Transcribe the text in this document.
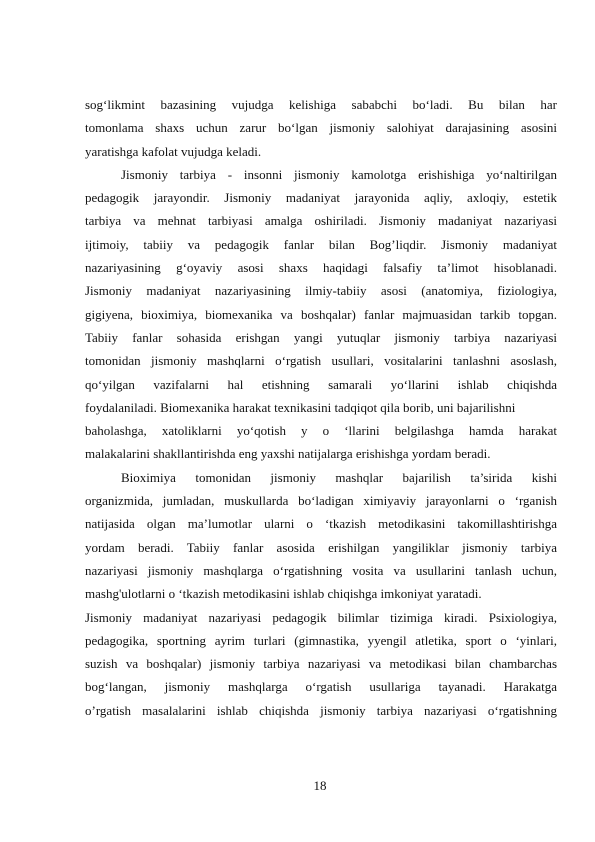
sog‘likmint bazasining vujudga kelishiga sababchi bo‘ladi. Bu bilan har
tomonlama shaxs uchun zarur bo‘lgan jismoniy salohiyat darajasining asosini
yaratishga kafolat vujudga keladi.
Jismoniy tarbiya - insonni jismoniy kamolotga erishishiga yo‘naltirilgan
pedagogik jarayondir. Jismoniy madaniyat jarayonida aqliy, axloqiy, estetik
tarbiya va mehnat tarbiyasi amalga oshiriladi. Jismoniy madaniyat nazariyasi
ijtimoiy, tabiiy va pedagogik fanlar bilan Bog’liqdir. Jismoniy madaniyat
nazariyasining g‘oyaviy asosi shaxs haqidagi falsafiy ta’limot hisoblanadi.
Jismoniy madaniyat nazariyasining ilmiy-tabiiy asosi (anatomiya, fiziologiya,
gigiyena, bioximiya, biomexanika va boshqalar) fanlar majmuasidan tarkib topgan.
Tabiiy fanlar sohasida erishgan yangi yutuqlar jismoniy tarbiya nazariyasi
tomonidan jismoniy mashqlarni o‘rgatish usullari, vositalarini tanlashni asoslash,
qo‘yilgan vazifalarni hal etishning samarali yo‘llarini ishlab chiqishda
foydalaniladi. Biomexanika harakat texnikasini tadqiqot qila borib, uni bajarilishni
baholashga, xatoliklarni yo‘qotish y o ‘llarini belgilashga hamda harakat
malakalarini shakllantirishda eng yaxshi natijalarga erishishga yordam beradi.
Bioximiya tomonidan jismoniy mashqlar bajarilish ta’sirida kishi
organizmida, jumladan, muskullarda bo‘ladigan ximiyaviy jarayonlarni o ‘rganish
natijasida olgan ma’lumotlar ularni o ‘tkazish metodikasini takomillashtirishga
yordam beradi. Tabiiy fanlar asosida erishilgan yangiliklar jismoniy tarbiya
nazariyasi jismoniy mashqlarga o‘rgatishning vosita va usullarini tanlash uchun,
mashg'ulotlarni o ‘tkazish metodikasini ishlab chiqishga imkoniyat yaratadi.
Jismoniy madaniyat nazariyasi pedagogik bilimlar tizimiga kiradi. Psixiologiya,
pedagogika, sportning ayrim turlari (gimnastika, yyengil atletika, sport o ‘yinlari,
suzish va boshqalar) jismoniy tarbiya nazariyasi va metodikasi bilan chambarchas
bog‘langan, jismoniy mashqlarga o‘rgatish usullariga tayanadi. Harakatga
o’rgatish masalalarini ishlab chiqishda jismoniy tarbiya nazariyasi o‘rgatishning
18
